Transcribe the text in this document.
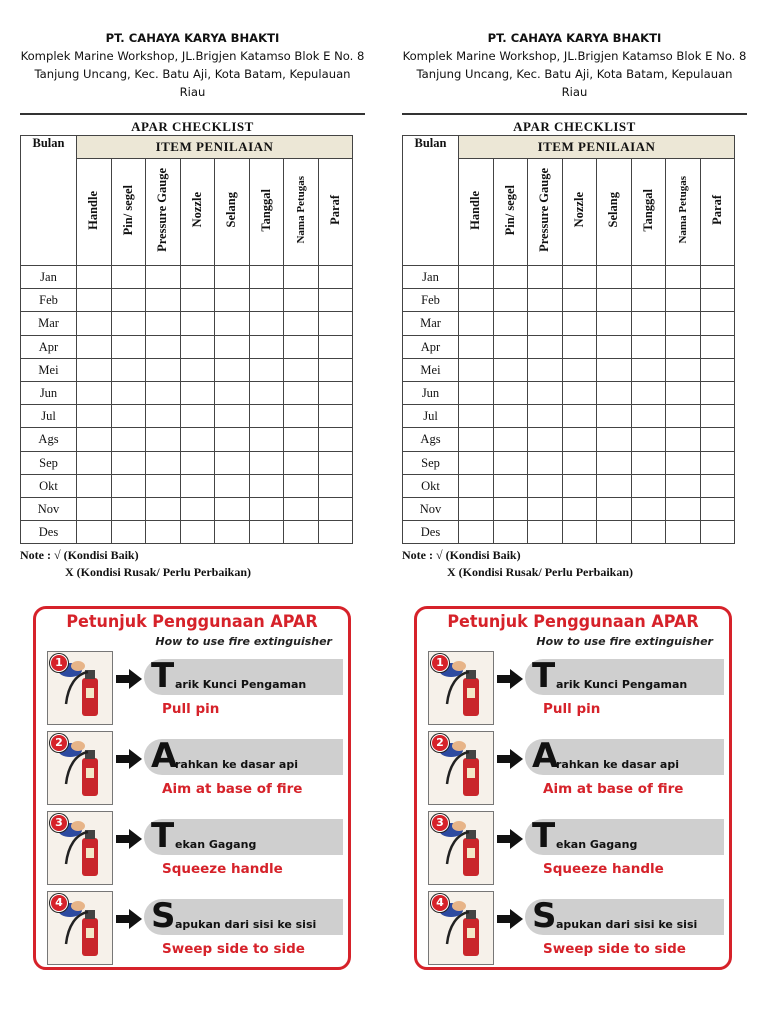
PT. CAHAYA KARYA BHAKTI
Komplek Marine Workshop, JL.Brigjen Katamso Blok E No. 8
Tanjung Uncang, Kec. Batu Aji, Kota Batam, Kepulauan Riau
APAR CHECKLIST
Bulan	ITEM PENILAIAN							
	Handle	Pin/ segel	Pressure Gauge	Nozzle	Selang	Tanggal	Nama Petugas	Paraf
Jan								
Feb								
Mar								
Apr								
Mei								
Jun								
Jul								
Ags								
Sep								
Okt								
Nov								
Des								
Note : √ (Kondisi Baik)
X (Kondisi Rusak/ Perlu Perbaikan)
Petunjuk Penggunaan APAR
How to use fire extinguisher
1	T arik Kunci Pengaman
Pull pin
2	A
rahkan ke dasar api
Aim at base of fire
3	T ekan Gagang
Squeeze handle
4	S apukan dari sisi ke sisi
Sweep side to side
PT. CAHAYA KARYA BHAKTI
Komplek Marine Workshop, JL.Brigjen Katamso Blok E No. 8
Tanjung Uncang, Kec. Batu Aji, Kota Batam, Kepulauan Riau
APAR CHECKLIST
Bulan	ITEM PENILAIAN							
	Handle	Pin/ segel	Pressure Gauge	Nozzle	Selang	Tanggal	Nama Petugas	Paraf
Jan								
Feb								
Mar								
Apr								
Mei								
Jun								
Jul								
Ags								
Sep								
Okt								
Nov								
Des								
Note : √ (Kondisi Baik)
X (Kondisi Rusak/ Perlu Perbaikan)
Petunjuk Penggunaan APAR
How to use fire extinguisher
1	T arik Kunci Pengaman
Pull pin
2	A
rahkan ke dasar api
Aim at base of fire
3	T ekan Gagang
Squeeze handle
4	S apukan dari sisi ke sisi
Sweep side to side
